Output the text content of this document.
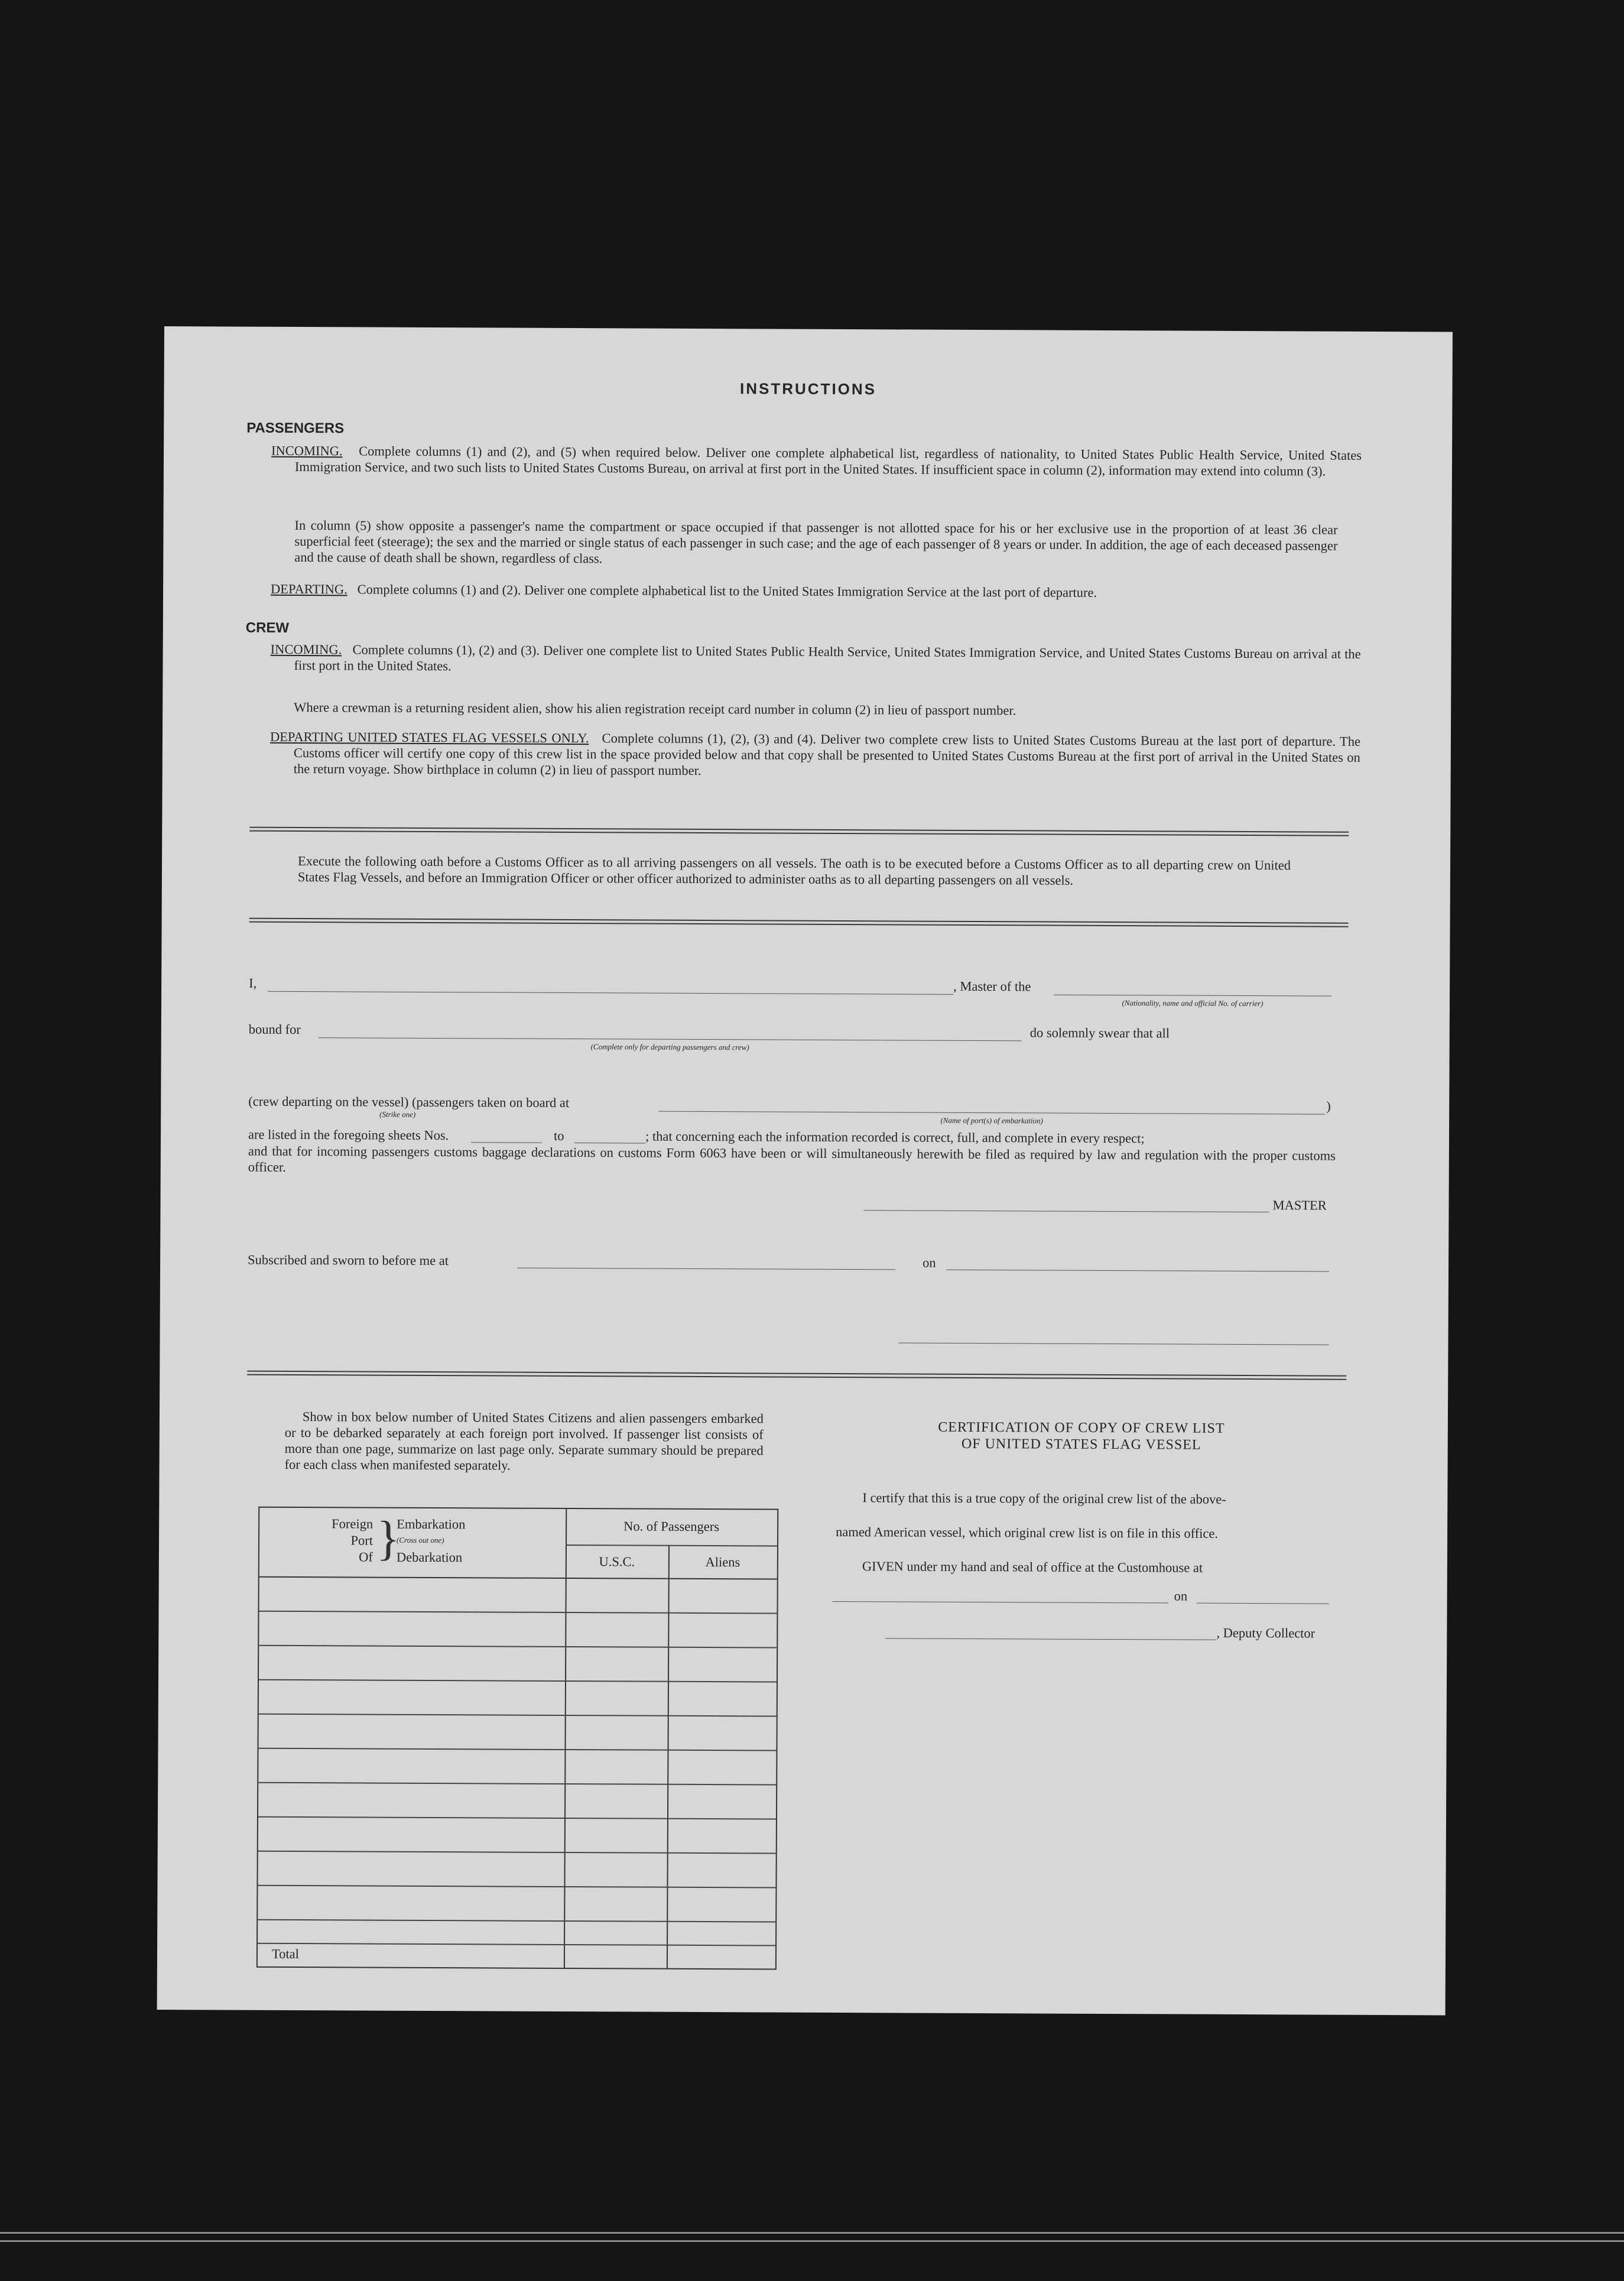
INSTRUCTIONS
PASSENGERS
INCOMING. Complete columns (1) and (2), and (5) when required below. Deliver one complete alphabetical list, regardless of nationality, to United States Public Health Service, United States Immigration Service, and two such lists to United States Customs Bureau, on arrival at first port in the United States. If insufficient space in column (2), information may extend into column (3).
In column (5) show opposite a passenger's name the compartment or space occupied if that passenger is not allotted space for his or her exclusive use in the proportion of at least 36 clear superficial feet (steerage); the sex and the married or single status of each passenger in such case; and the age of each passenger of 8 years or under. In addition, the age of each deceased passenger and the cause of death shall be shown, regardless of class.
DEPARTING. Complete columns (1) and (2). Deliver one complete alphabetical list to the United States Immigration Service at the last port of departure.
CREW
INCOMING. Complete columns (1), (2) and (3). Deliver one complete list to United States Public Health Service, United States Immigration Service, and United States Customs Bureau on arrival at the first port in the United States.
Where a crewman is a returning resident alien, show his alien registration receipt card number in column (2) in lieu of passport number.
DEPARTING UNITED STATES FLAG VESSELS ONLY. Complete columns (1), (2), (3) and (4). Deliver two complete crew lists to United States Customs Bureau at the last port of departure. The Customs officer will certify one copy of this crew list in the space provided below and that copy shall be presented to United States Customs Bureau at the first port of arrival in the United States on the return voyage. Show birthplace in column (2) in lieu of passport number.
Execute the following oath before a Customs Officer as to all arriving passengers on all vessels. The oath is to be executed before a Customs Officer as to all departing crew on United States Flag Vessels, and before an Immigration Officer or other officer authorized to administer oaths as to all departing passengers on all vessels.
I,	, Master of the
(Nationality, name and official No. of carrier)
bound for
(Complete only for departing passengers and crew)
do solemnly swear that all
(crew departing on the vessel) (passengers taken on board at
(Strike one)
(Name of port(s) of embarkation)
)
are listed in the foregoing sheets Nos.	to	; that concerning each the information recorded is correct, full, and complete in every respect;
and that for incoming passengers customs baggage declarations on customs Form 6063 have been or will simultaneously herewith be filed as required by law and regulation with the proper customs officer.
MASTER
Subscribed and sworn to before me at	on
Show in box below number of United States Citizens and alien passengers embarked or to be debarked separately at each foreign port involved. If passenger list consists of more than one page, summarize on last page only. Separate summary should be prepared for each class when manifested separately.
Foreign
Port
Of }
Embarkation
(Cross out one)
Debarkation
No. of Passengers
U.S.C.	Aliens
Total
CERTIFICATION OF COPY OF CREW LIST
OF UNITED STATES FLAG VESSEL
I certify that this is a true copy of the original crew list of the above-
named American vessel, which original crew list is on file in this office.
GIVEN under my hand and seal of office at the Customhouse at
on
, Deputy Collector
